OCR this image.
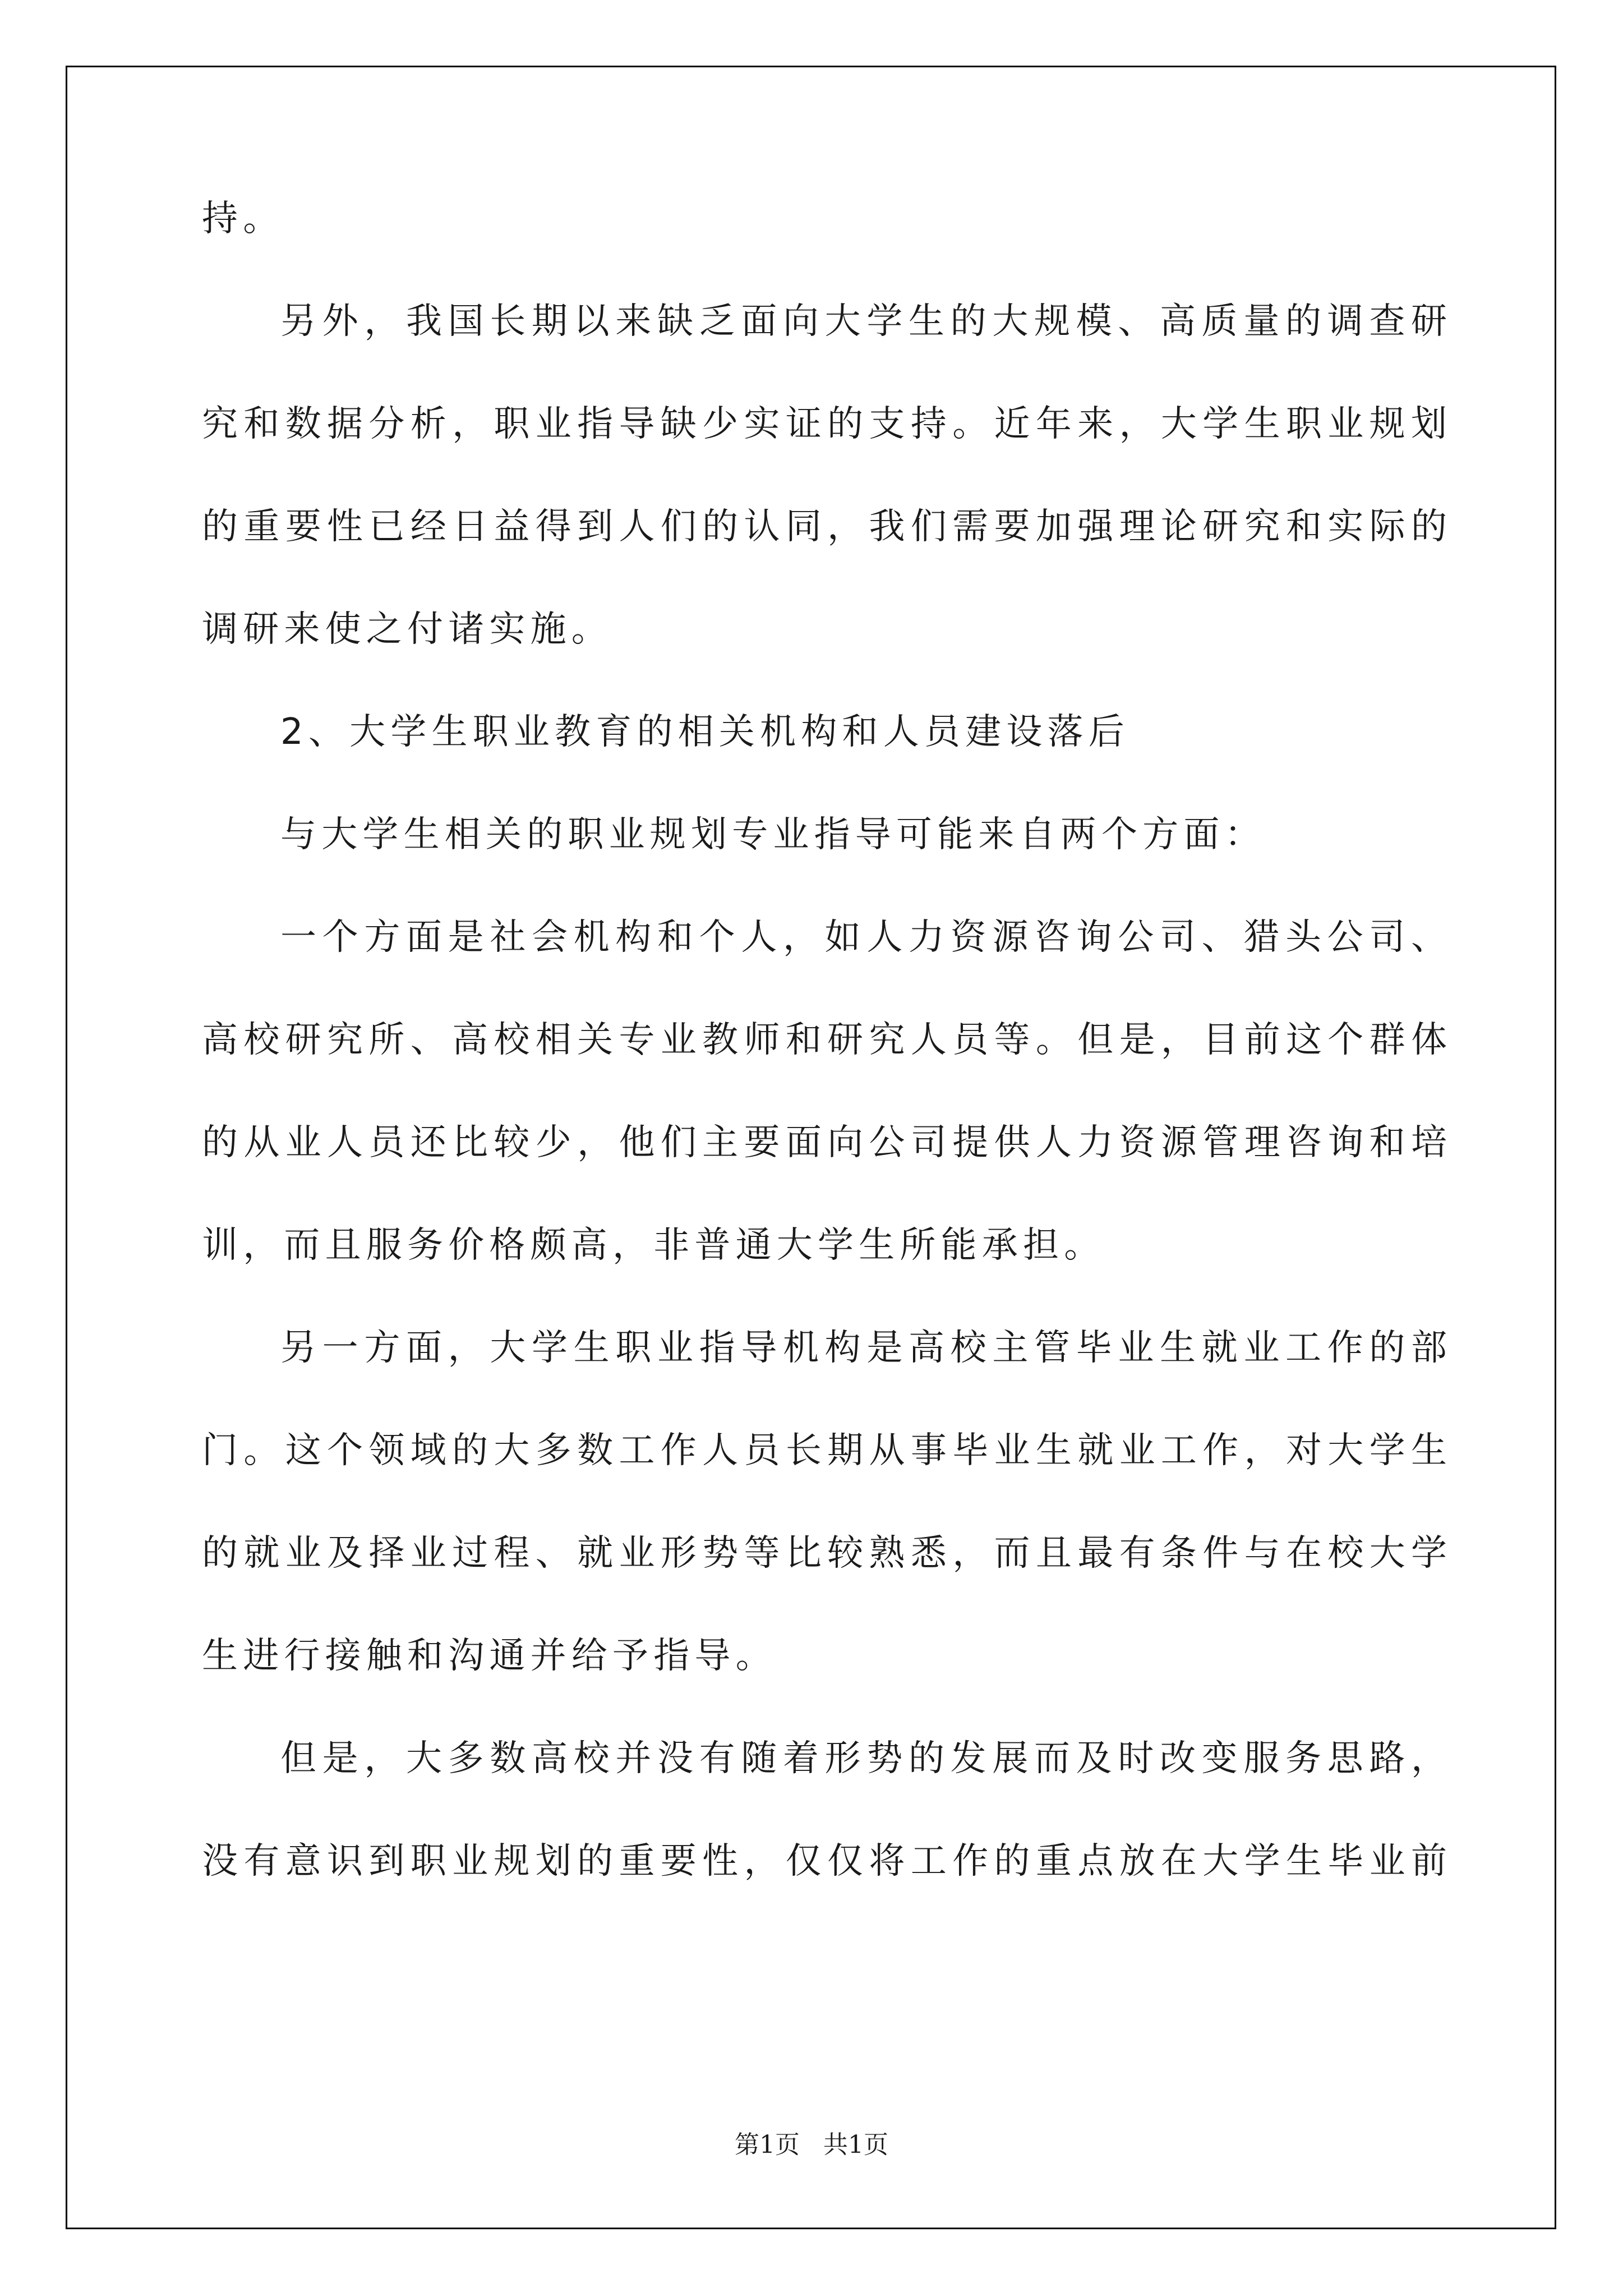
持。

另外，我国长期以来缺乏面向大学生的大规模、高质量的调查研

究和数据分析，职业指导缺少实证的支持。近年来，大学生职业规划

的重要性已经日益得到人们的认同，我们需要加强理论研究和实际的

调研来使之付诸实施。

2、大学生职业教育的相关机构和人员建设落后

与大学生相关的职业规划专业指导可能来自两个方面：

一个方面是社会机构和个人，如人力资源咨询公司、猎头公司、

高校研究所、高校相关专业教师和研究人员等。但是，目前这个群体

的从业人员还比较少，他们主要面向公司提供人力资源管理咨询和培

训，而且服务价格颇高，非普通大学生所能承担。

另一方面，大学生职业指导机构是高校主管毕业生就业工作的部

门。这个领域的大多数工作人员长期从事毕业生就业工作，对大学生

的就业及择业过程、就业形势等比较熟悉，而且最有条件与在校大学

生进行接触和沟通并给予指导。

但是，大多数高校并没有随着形势的发展而及时改变服务思路，

没有意识到职业规划的重要性，仅仅将工作的重点放在大学生毕业前

第1页 共1页
